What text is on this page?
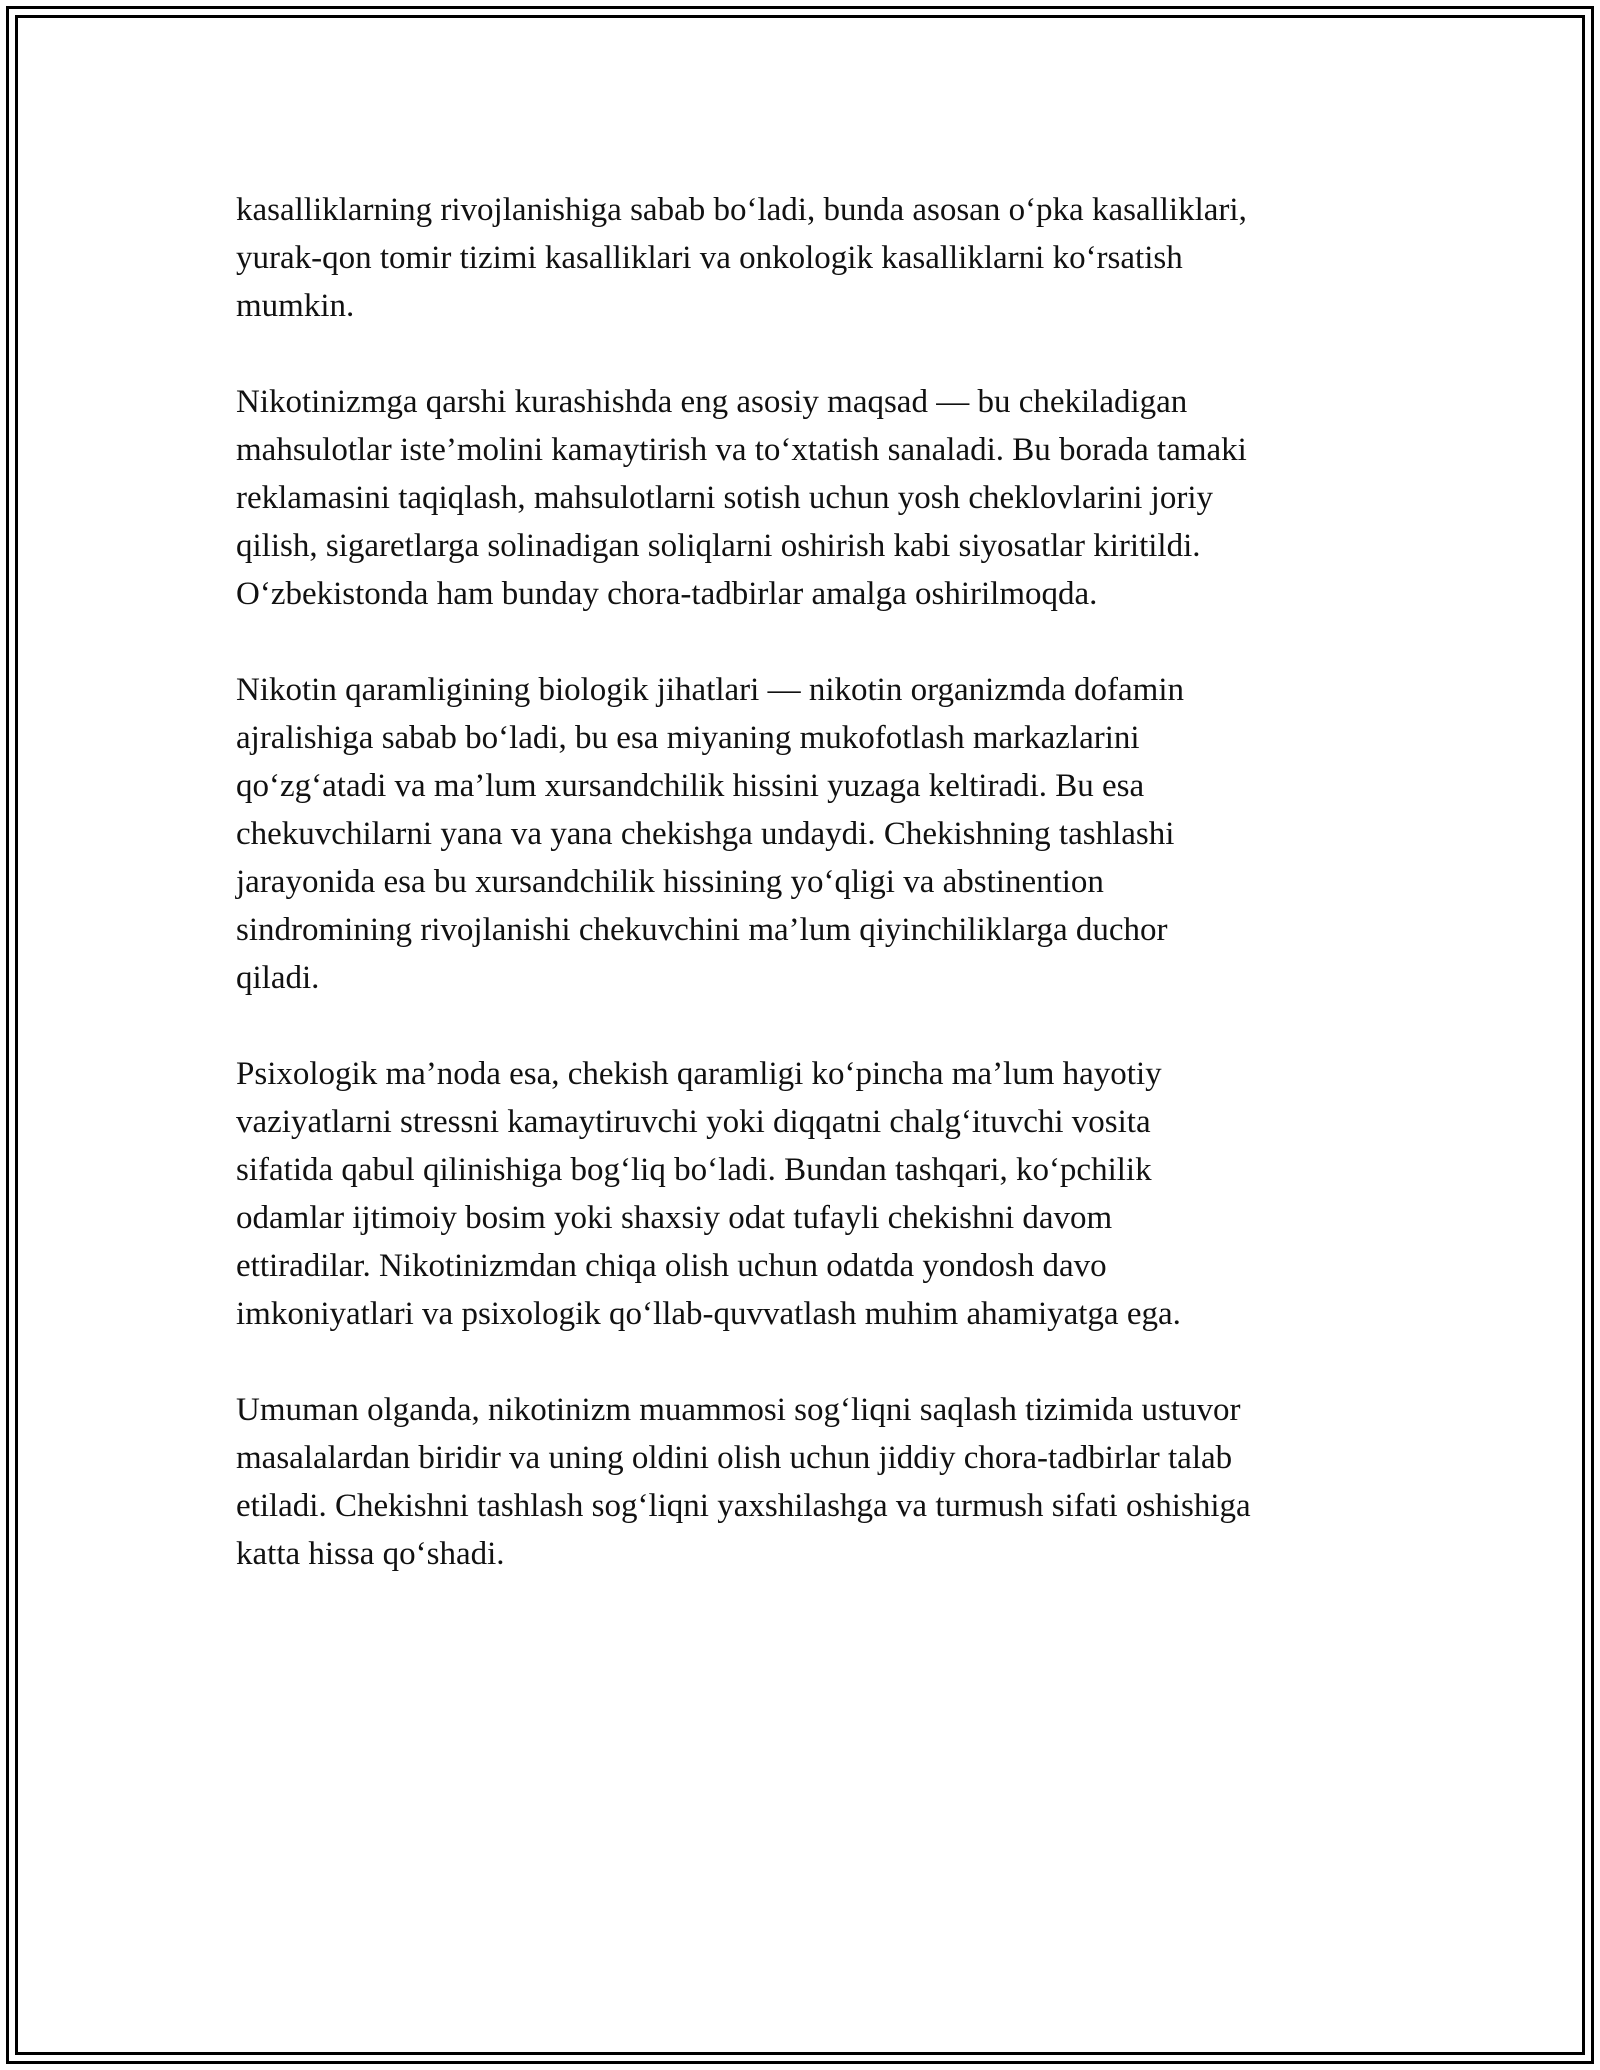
kasalliklarning rivojlanishiga sabab bo‘ladi, bunda asosan o‘pka kasalliklari,
yurak-qon tomir tizimi kasalliklari va onkologik kasalliklarni ko‘rsatish
mumkin.

Nikotinizmga qarshi kurashishda eng asosiy maqsad — bu chekiladigan
mahsulotlar iste’molini kamaytirish va to‘xtatish sanaladi. Bu borada tamaki
reklamasini taqiqlash, mahsulotlarni sotish uchun yosh cheklovlarini joriy
qilish, sigaretlarga solinadigan soliqlarni oshirish kabi siyosatlar kiritildi.
O‘zbekistonda ham bunday chora-tadbirlar amalga oshirilmoqda.

Nikotin qaramligining biologik jihatlari — nikotin organizmda dofamin
ajralishiga sabab bo‘ladi, bu esa miyaning mukofotlash markazlarini
qo‘zg‘atadi va ma’lum xursandchilik hissini yuzaga keltiradi. Bu esa
chekuvchilarni yana va yana chekishga undaydi. Chekishning tashlashi
jarayonida esa bu xursandchilik hissining yo‘qligi va abstinention
sindromining rivojlanishi chekuvchini ma’lum qiyinchiliklarga duchor
qiladi.

Psixologik ma’noda esa, chekish qaramligi ko‘pincha ma’lum hayotiy
vaziyatlarni stressni kamaytiruvchi yoki diqqatni chalg‘ituvchi vosita
sifatida qabul qilinishiga bog‘liq bo‘ladi. Bundan tashqari, ko‘pchilik
odamlar ijtimoiy bosim yoki shaxsiy odat tufayli chekishni davom
ettiradilar. Nikotinizmdan chiqa olish uchun odatda yondosh davo
imkoniyatlari va psixologik qo‘llab-quvvatlash muhim ahamiyatga ega.

Umuman olganda, nikotinizm muammosi sog‘liqni saqlash tizimida ustuvor
masalalardan biridir va uning oldini olish uchun jiddiy chora-tadbirlar talab
etiladi. Chekishni tashlash sog‘liqni yaxshilashga va turmush sifati oshishiga
katta hissa qo‘shadi.
